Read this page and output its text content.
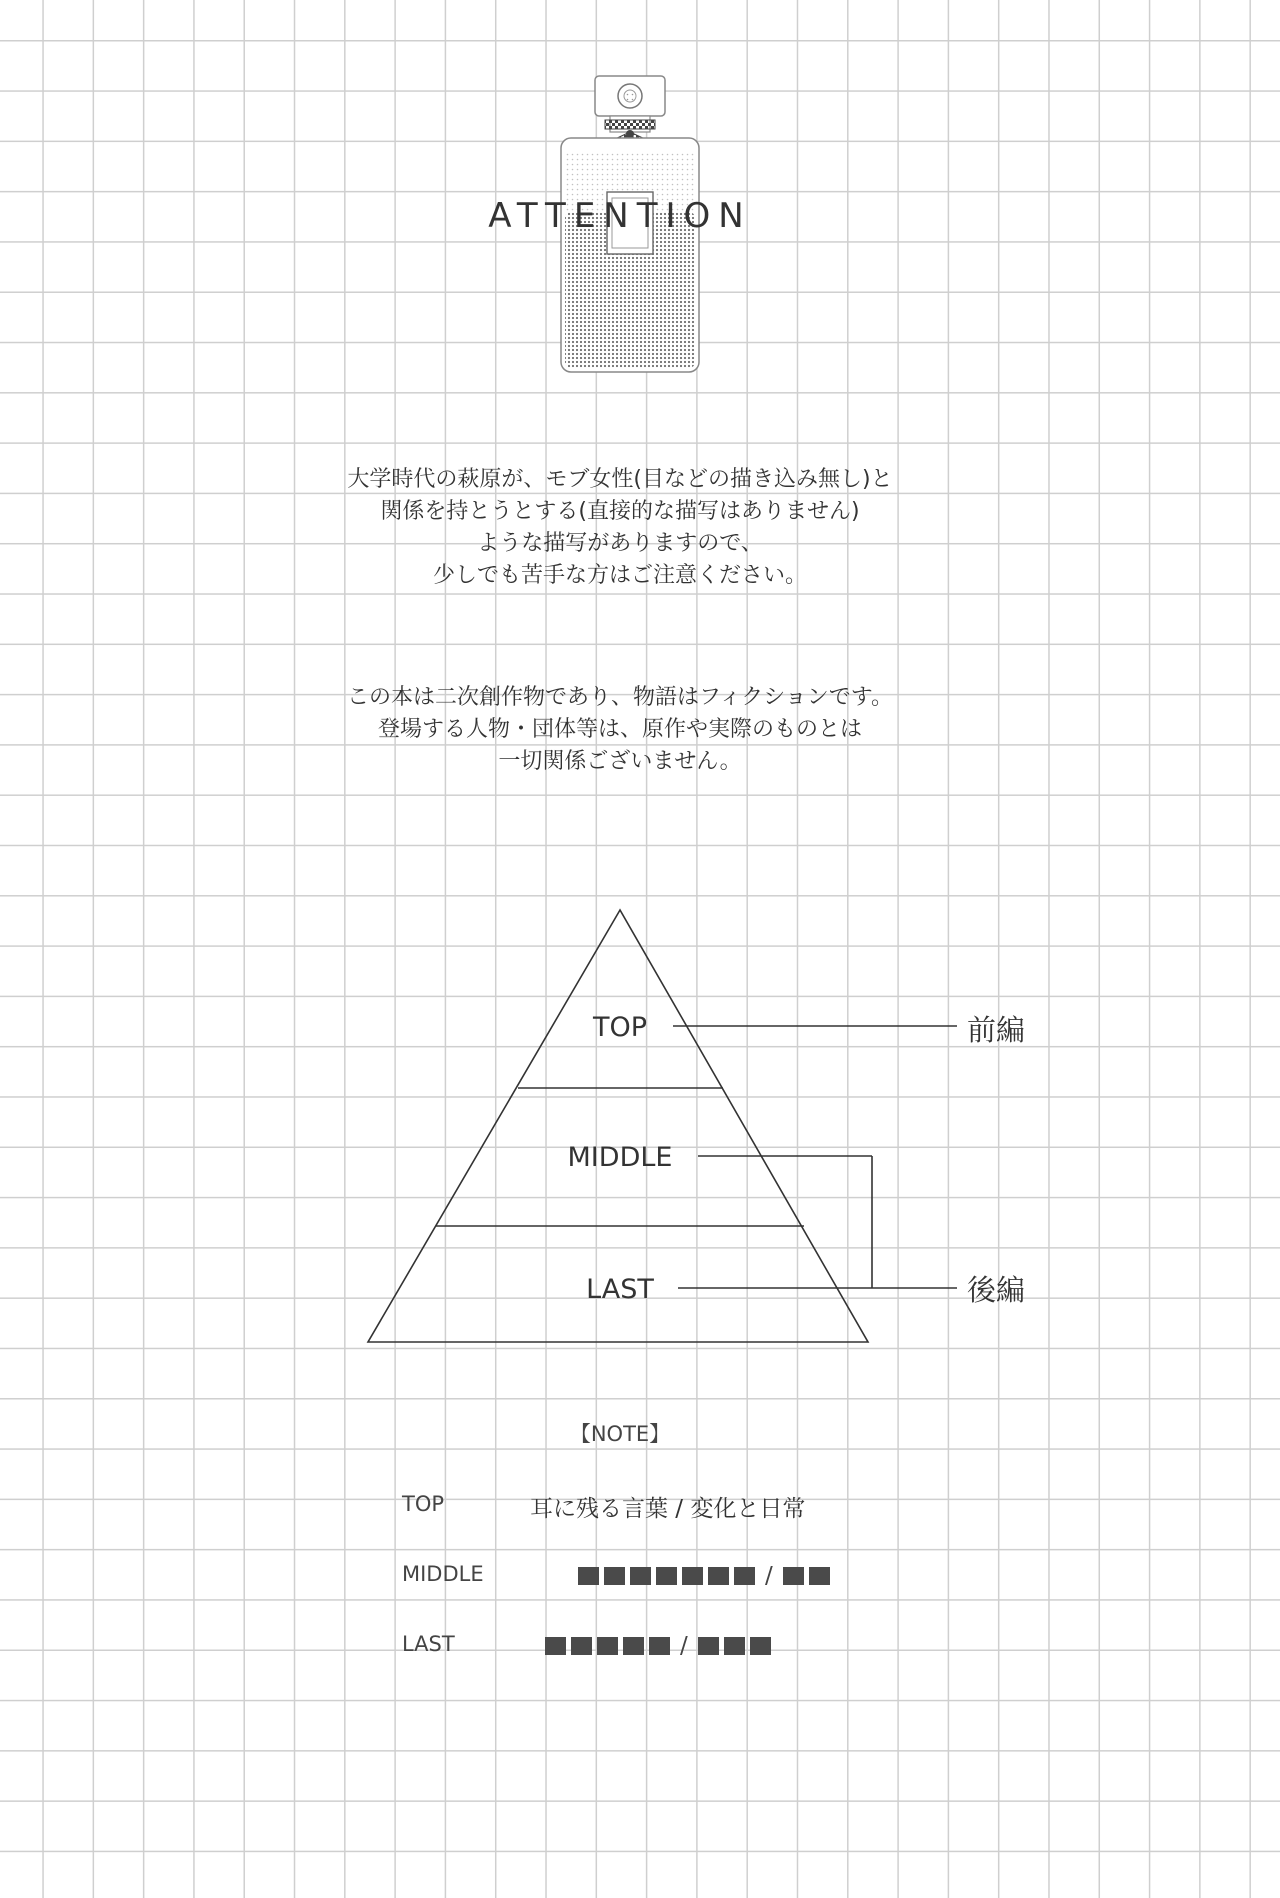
ATTENTION
大学時代の萩原が、モブ女性(目などの描き込み無し)と
関係を持とうとする(直接的な描写はありません)
ような描写がありますので、
少しでも苦手な方はご注意ください。
この本は二次創作物であり、物語はフィクションです。
登場する人物・団体等は、原作や実際のものとは
一切関係ございません。
TOP
MIDDLE
LAST
前編
後編
【NOTE】
TOP	耳に残る言葉 / 変化と日常
MIDDLE	/
LAST	/
